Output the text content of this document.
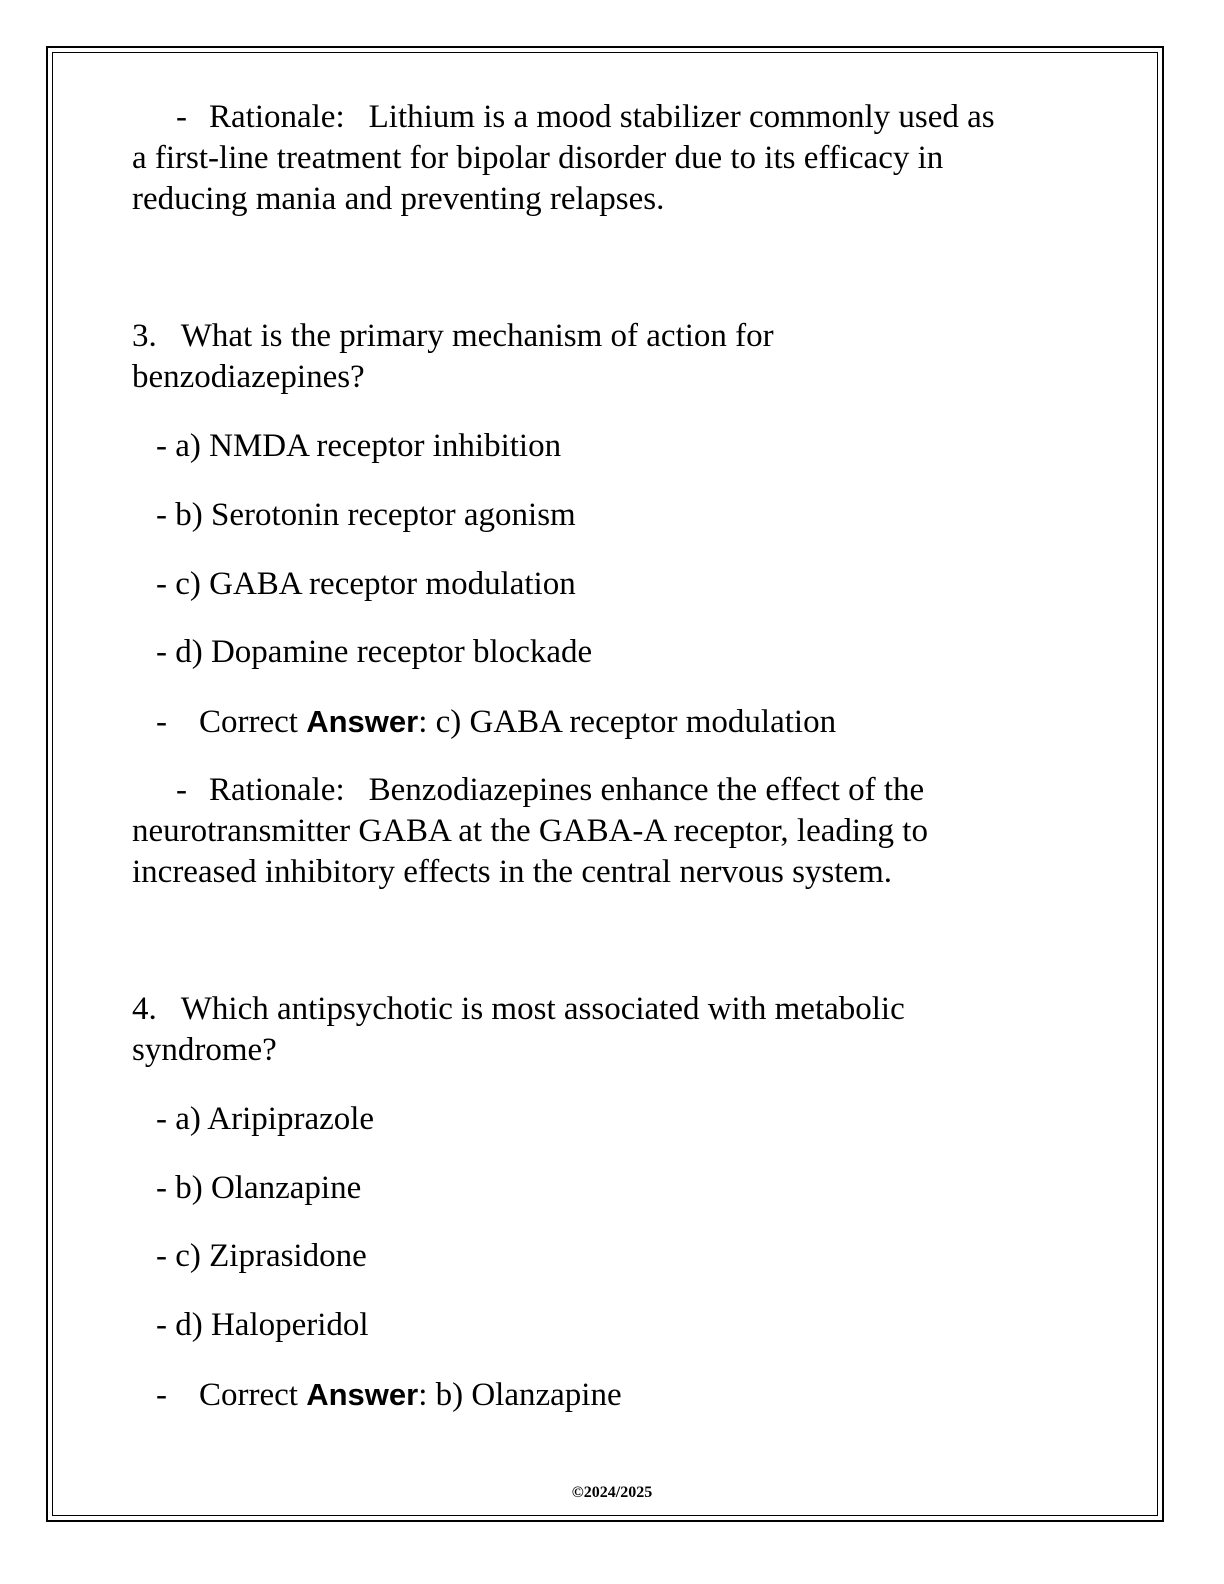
- Rationale: Lithium is a mood stabilizer commonly used as
a first-line treatment for bipolar disorder due to its efficacy in
reducing mania and preventing relapses.
3. What is the primary mechanism of action for
benzodiazepines?
- a) NMDA receptor inhibition
- b) Serotonin receptor agonism
- c) GABA receptor modulation
- d) Dopamine receptor blockade
- Correct Answer: c) GABA receptor modulation
- Rationale: Benzodiazepines enhance the effect of the
neurotransmitter GABA at the GABA-A receptor, leading to
increased inhibitory effects in the central nervous system.
4. Which antipsychotic is most associated with metabolic
syndrome?
- a) Aripiprazole
- b) Olanzapine
- c) Ziprasidone
- d) Haloperidol
- Correct Answer: b) Olanzapine
©2024/2025
